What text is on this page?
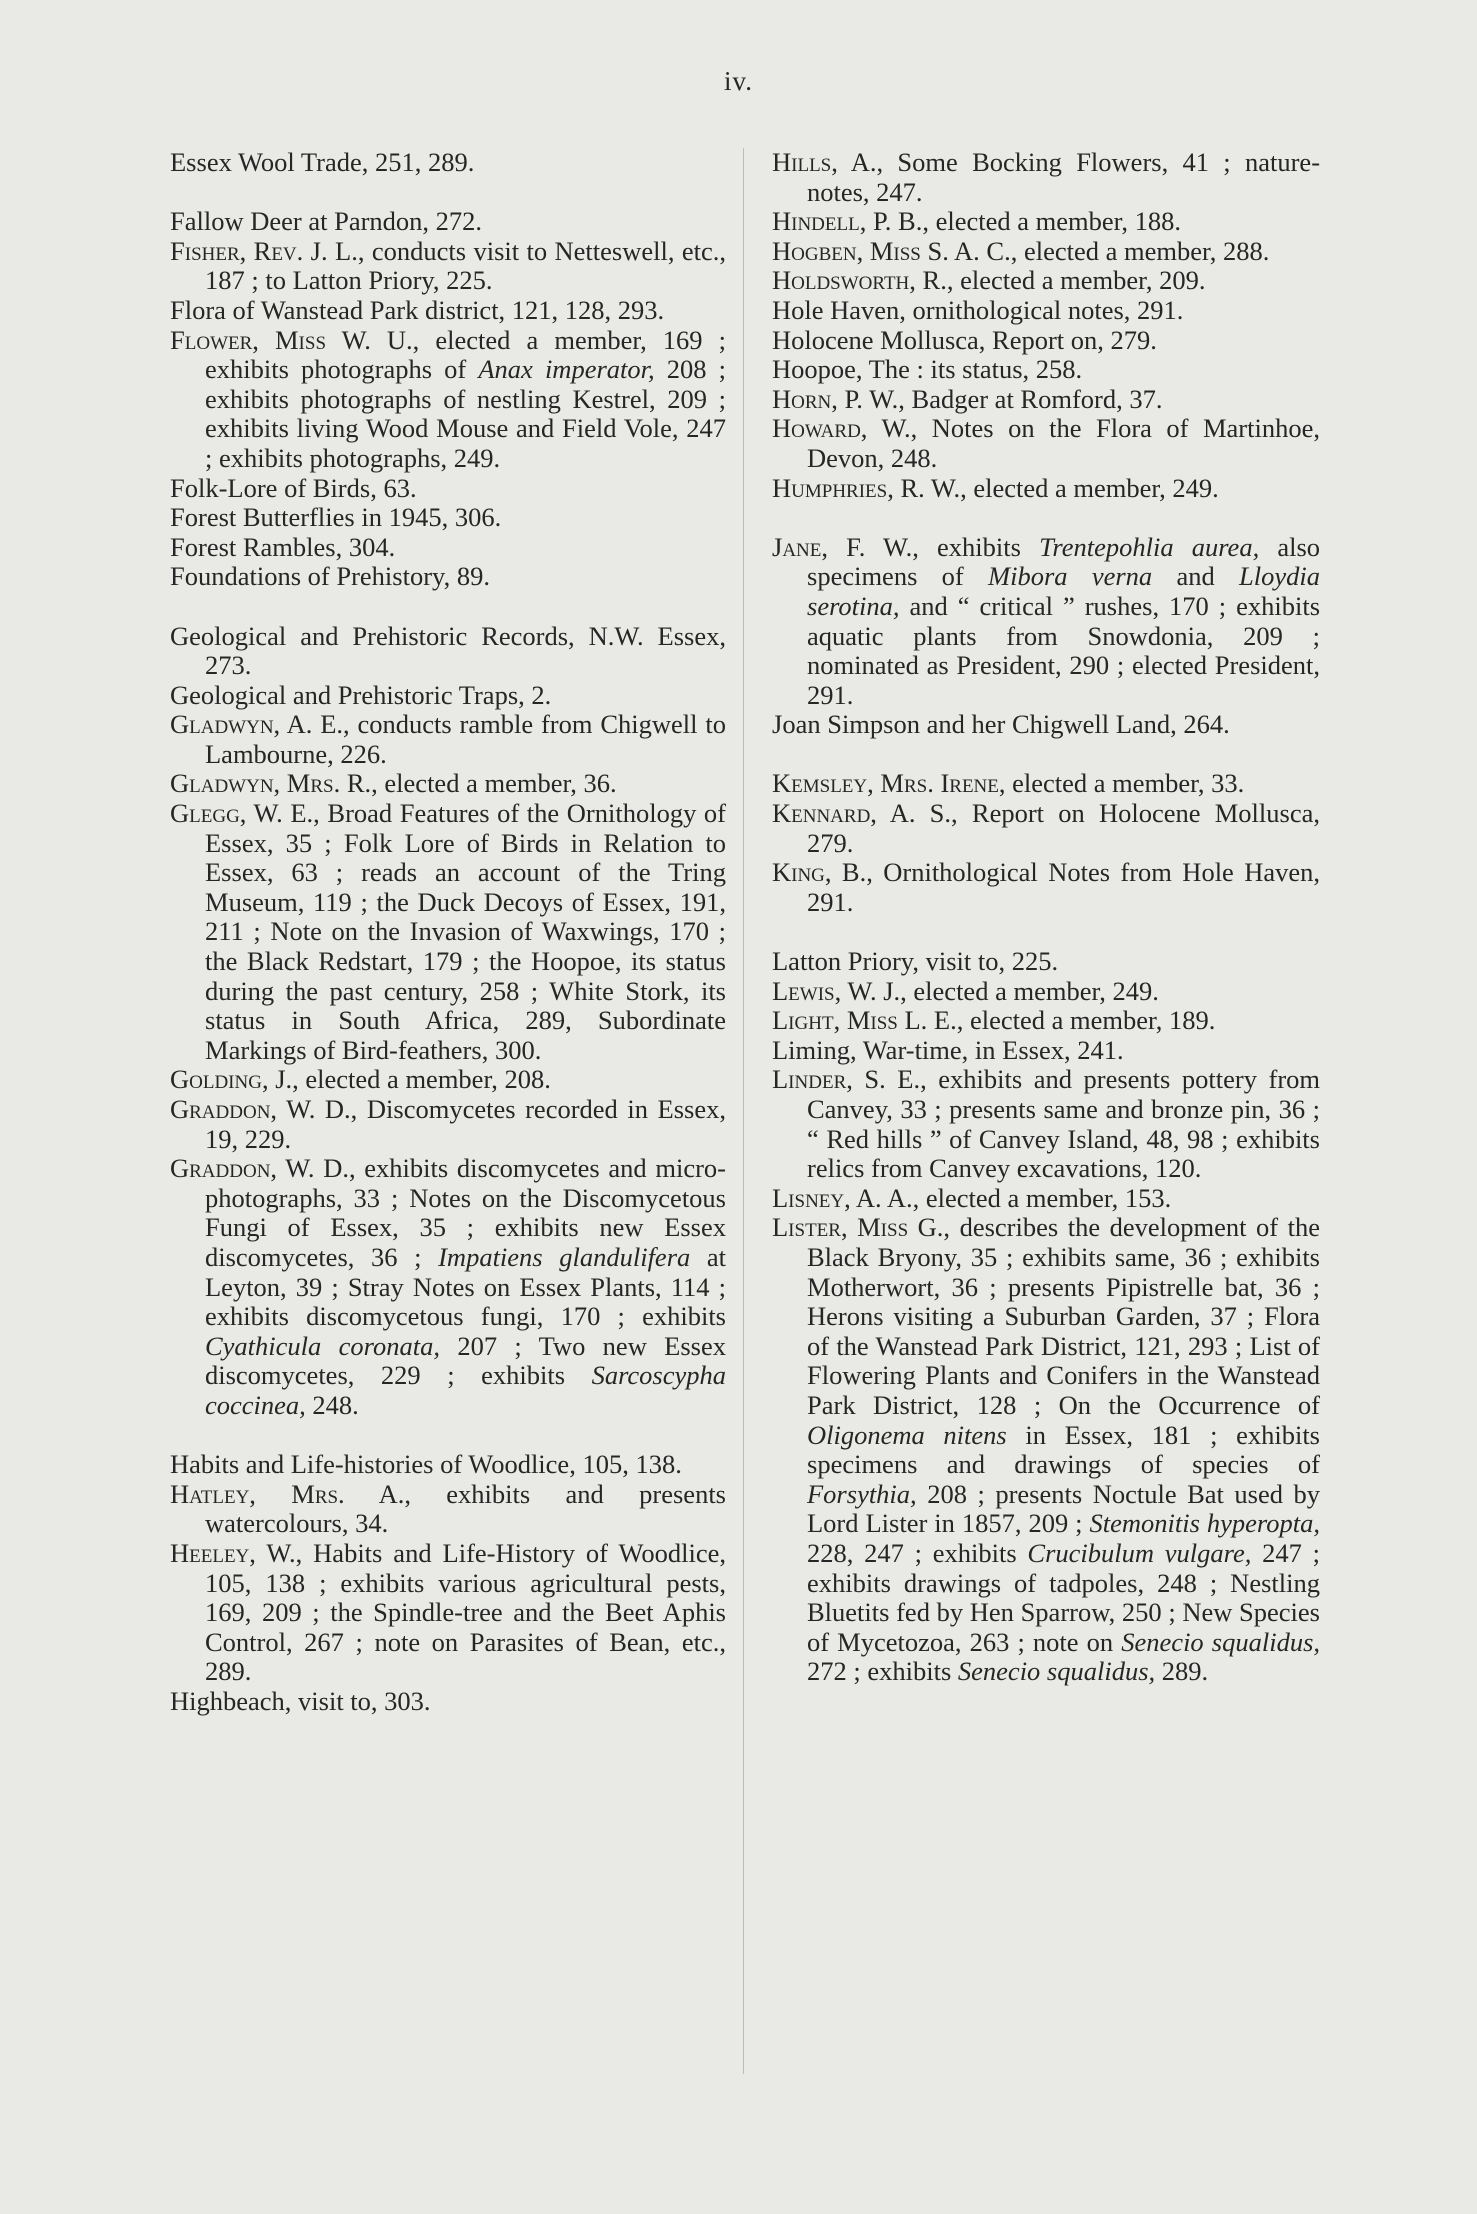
iv.
Essex Wool Trade, 251, 289.
Fallow Deer at Parndon, 272.
Fisher, Rev. J. L., conducts visit to Netteswell, etc., 187 ; to Latton Priory, 225.
Flora of Wanstead Park district, 121, 128, 293.
Flower, Miss W. U., elected a member, 169 ; exhibits photographs of Anax imperator, 208 ; exhibits photographs of nestling Kestrel, 209 ; exhibits living Wood Mouse and Field Vole, 247 ; exhibits photographs, 249.
Folk-Lore of Birds, 63.
Forest Butterflies in 1945, 306.
Forest Rambles, 304.
Foundations of Prehistory, 89.
Geological and Prehistoric Records, N.W. Essex, 273.
Geological and Prehistoric Traps, 2.
Gladwyn, A. E., conducts ramble from Chigwell to Lambourne, 226.
Gladwyn, Mrs. R., elected a member, 36.
Glegg, W. E., Broad Features of the Ornithology of Essex, 35 ; Folk Lore of Birds in Relation to Essex, 63 ; reads an account of the Tring Museum, 119 ; the Duck Decoys of Essex, 191, 211 ; Note on the Invasion of Waxwings, 170 ; the Black Redstart, 179 ; the Hoopoe, its status during the past century, 258 ; White Stork, its status in South Africa, 289, Subordinate Markings of Bird-feathers, 300.
Golding, J., elected a member, 208.
Graddon, W. D., Discomycetes recorded in Essex, 19, 229.
Graddon, W. D., exhibits discomycetes and micro-photographs, 33 ; Notes on the Discomycetous Fungi of Essex, 35 ; exhibits new Essex discomycetes, 36 ; Impatiens glandulifera at Leyton, 39 ; Stray Notes on Essex Plants, 114 ; exhibits discomycetous fungi, 170 ; exhibits Cyathicula coronata, 207 ; Two new Essex discomycetes, 229 ; exhibits Sarcoscypha coccinea, 248.
Habits and Life-histories of Woodlice, 105, 138.
Hatley, Mrs. A., exhibits and presents watercolours, 34.
Heeley, W., Habits and Life-History of Woodlice, 105, 138 ; exhibits various agricultural pests, 169, 209 ; the Spindle-tree and the Beet Aphis Control, 267 ; note on Parasites of Bean, etc., 289.
Highbeach, visit to, 303.
Hills, A., Some Bocking Flowers, 41 ; nature-notes, 247.
Hindell, P. B., elected a member, 188.
Hogben, Miss S. A. C., elected a member, 288.
Holdsworth, R., elected a member, 209.
Hole Haven, ornithological notes, 291.
Holocene Mollusca, Report on, 279.
Hoopoe, The : its status, 258.
Horn, P. W., Badger at Romford, 37.
Howard, W., Notes on the Flora of Martinhoe, Devon, 248.
Humphries, R. W., elected a member, 249.
Jane, F. W., exhibits Trentepohlia aurea, also specimens of Mibora verna and Lloydia serotina, and “ critical ” rushes, 170 ; exhibits aquatic plants from Snowdonia, 209 ; nominated as President, 290 ; elected President, 291.
Joan Simpson and her Chigwell Land, 264.
Kemsley, Mrs. Irene, elected a member, 33.
Kennard, A. S., Report on Holocene Mollusca, 279.
King, B., Ornithological Notes from Hole Haven, 291.
Latton Priory, visit to, 225.
Lewis, W. J., elected a member, 249.
Light, Miss L. E., elected a member, 189.
Liming, War-time, in Essex, 241.
Linder, S. E., exhibits and presents pottery from Canvey, 33 ; presents same and bronze pin, 36 ; “ Red hills ” of Canvey Island, 48, 98 ; exhibits relics from Canvey excavations, 120.
Lisney, A. A., elected a member, 153.
Lister, Miss G., describes the development of the Black Bryony, 35 ; exhibits same, 36 ; exhibits Motherwort, 36 ; presents Pipistrelle bat, 36 ; Herons visiting a Suburban Garden, 37 ; Flora of the Wanstead Park District, 121, 293 ; List of Flowering Plants and Conifers in the Wanstead Park District, 128 ; On the Occurrence of Oligonema nitens in Essex, 181 ; exhibits specimens and drawings of species of Forsythia, 208 ; presents Noctule Bat used by Lord Lister in 1857, 209 ; Stemonitis hyperopta, 228, 247 ; exhibits Crucibulum vulgare, 247 ; exhibits drawings of tadpoles, 248 ; Nestling Bluetits fed by Hen Sparrow, 250 ; New Species of Mycetozoa, 263 ; note on Senecio squalidus, 272 ; exhibits Senecio squalidus, 289.
